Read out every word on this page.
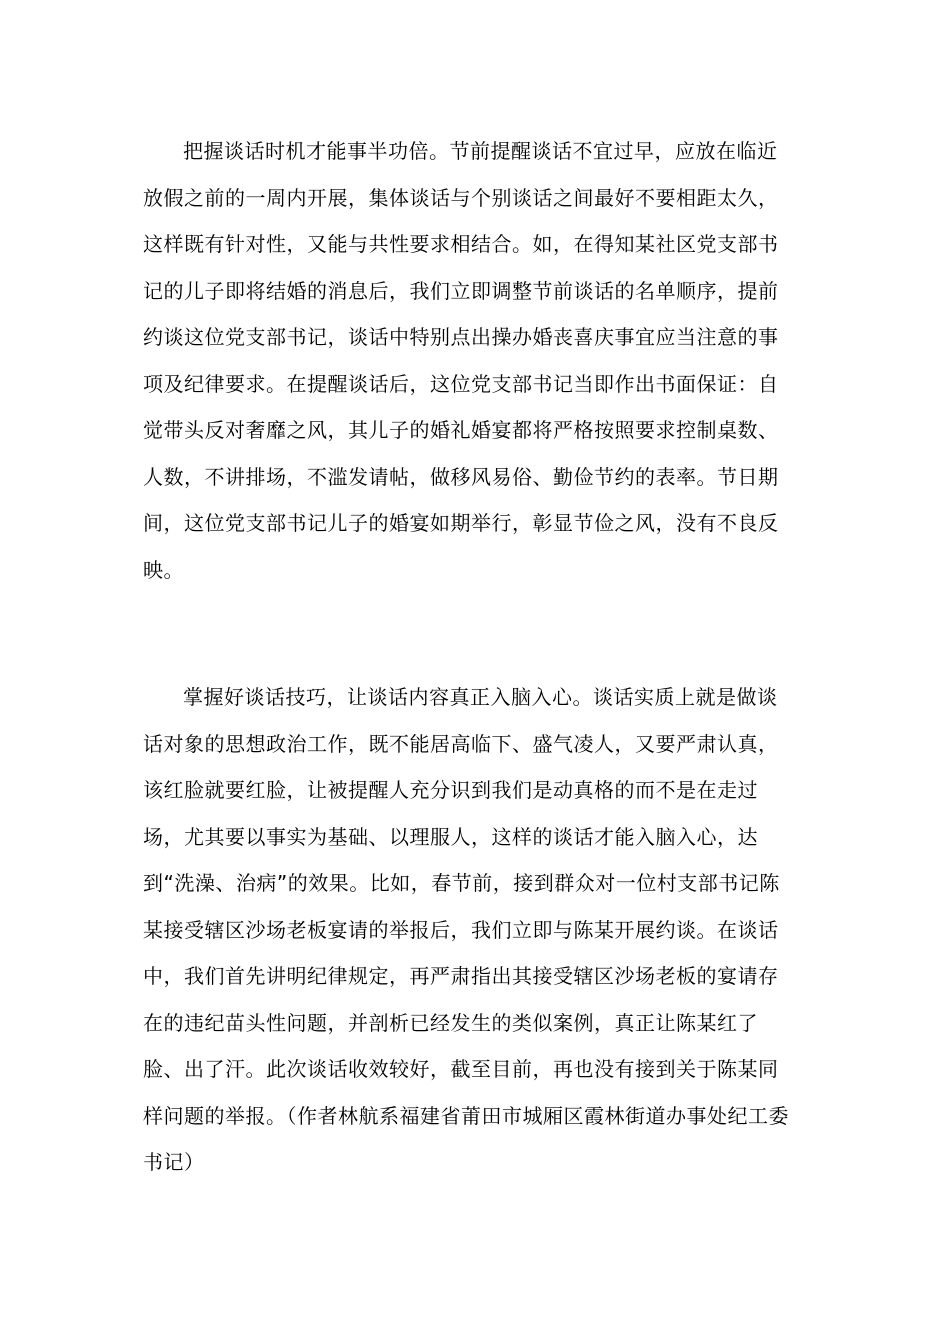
把握谈话时机才能事半功倍。节前提醒谈话不宜过早，应放在临近放假之前的一周内开展，集体谈话与个别谈话之间最好不要相距太久，这样既有针对性，又能与共性要求相结合。如，在得知某社区党支部书记的儿子即将结婚的消息后，我们立即调整节前谈话的名单顺序，提前约谈这位党支部书记，谈话中特别点出操办婚丧喜庆事宜应当注意的事项及纪律要求。在提醒谈话后，这位党支部书记当即作出书面保证：自觉带头反对奢靡之风，其儿子的婚礼婚宴都将严格按照要求控制桌数、人数，不讲排场，不滥发请帖，做移风易俗、勤俭节约的表率。节日期间，这位党支部书记儿子的婚宴如期举行，彰显节俭之风，没有不良反映。

掌握好谈话技巧，让谈话内容真正入脑入心。谈话实质上就是做谈话对象的思想政治工作，既不能居高临下、盛气凌人，又要严肃认真，该红脸就要红脸，让被提醒人充分识到我们是动真格的而不是在走过场，尤其要以事实为基础、以理服人，这样的谈话才能入脑入心，达到“洗澡、治病”的效果。比如，春节前，接到群众对一位村支部书记陈某接受辖区沙场老板宴请的举报后，我们立即与陈某开展约谈。在谈话中，我们首先讲明纪律规定，再严肃指出其接受辖区沙场老板的宴请存在的违纪苗头性问题，并剖析已经发生的类似案例，真正让陈某红了脸、出了汗。此次谈话收效较好，截至目前，再也没有接到关于陈某同样问题的举报。（作者林航系福建省莆田市城厢区霞林街道办事处纪工委书记）
